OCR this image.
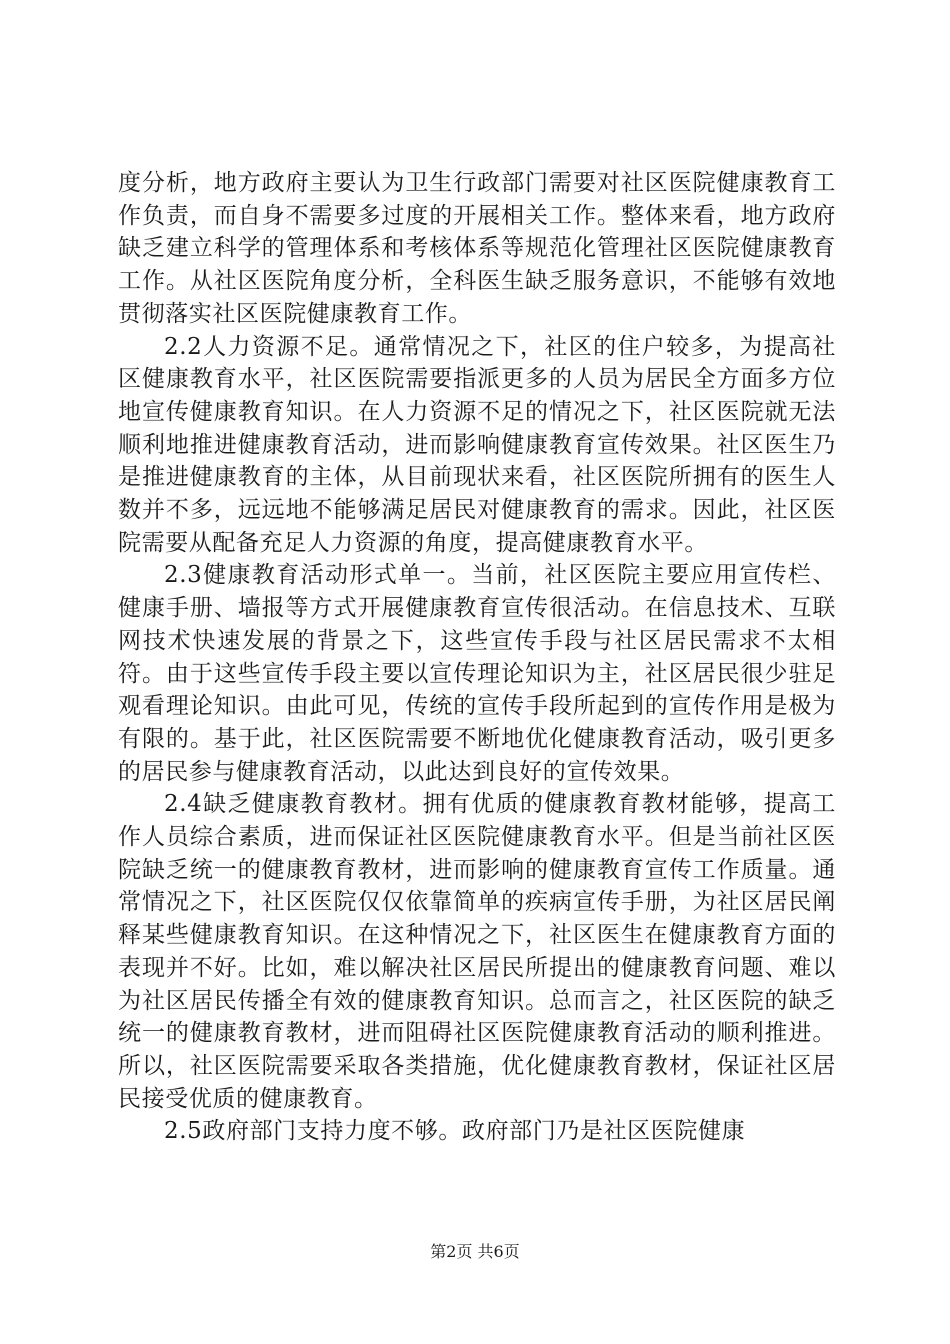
度分析，地方政府主要认为卫生行政部门需要对社区医院健康教育工作负责，而自身不需要多过度的开展相关工作。整体来看，地方政府缺乏建立科学的管理体系和考核体系等规范化管理社区医院健康教育工作。从社区医院角度分析，全科医生缺乏服务意识，不能够有效地贯彻落实社区医院健康教育工作。

2.2人力资源不足。通常情况之下，社区的住户较多，为提高社区健康教育水平，社区医院需要指派更多的人员为居民全方面多方位地宣传健康教育知识。在人力资源不足的情况之下，社区医院就无法顺利地推进健康教育活动，进而影响健康教育宣传效果。社区医生乃是推进健康教育的主体，从目前现状来看，社区医院所拥有的医生人数并不多，远远地不能够满足居民对健康教育的需求。因此，社区医院需要从配备充足人力资源的角度，提高健康教育水平。

2.3健康教育活动形式单一。当前，社区医院主要应用宣传栏、健康手册、墙报等方式开展健康教育宣传很活动。在信息技术、互联网技术快速发展的背景之下，这些宣传手段与社区居民需求不太相符。由于这些宣传手段主要以宣传理论知识为主，社区居民很少驻足观看理论知识。由此可见，传统的宣传手段所起到的宣传作用是极为有限的。基于此，社区医院需要不断地优化健康教育活动，吸引更多的居民参与健康教育活动，以此达到良好的宣传效果。

2.4缺乏健康教育教材。拥有优质的健康教育教材能够，提高工作人员综合素质，进而保证社区医院健康教育水平。但是当前社区医院缺乏统一的健康教育教材，进而影响的健康教育宣传工作质量。通常情况之下，社区医院仅仅依靠简单的疾病宣传手册，为社区居民阐释某些健康教育知识。在这种情况之下，社区医生在健康教育方面的表现并不好。比如，难以解决社区居民所提出的健康教育问题、难以为社区居民传播全有效的健康教育知识。总而言之，社区医院的缺乏统一的健康教育教材，进而阻碍社区医院健康教育活动的顺利推进。所以，社区医院需要采取各类措施，优化健康教育教材，保证社区居民接受优质的健康教育。

2.5政府部门支持力度不够。政府部门乃是社区医院健康

第2页 共6页
